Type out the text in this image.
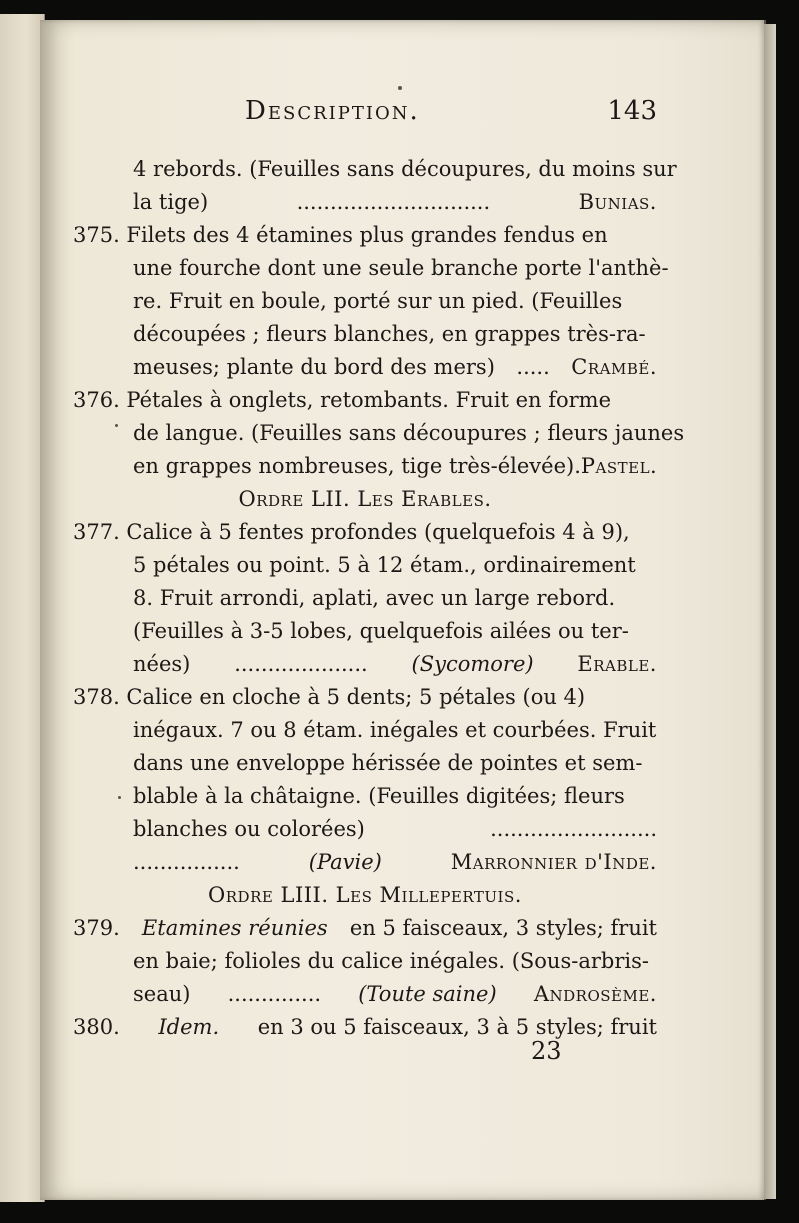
Description.	143
4 rebords. (Feuilles sans découpures, du moins sur
la tige)	.............................	Bunias.
375. Filets des 4 étamines plus grandes fendus en
une fourche dont une seule branche porte l'anthè-
re. Fruit en boule, porté sur un pied. (Feuilles
découpées ; fleurs blanches, en grappes très-ra-
meuses; plante du bord des mers) ..... Crambé.
376. Pétales à onglets, retombants. Fruit en forme
de langue. (Feuilles sans découpures ; fleurs jaunes
en grappes nombreuses, tige très-élevée). Pastel.
Ordre LII. Les Erables.
377. Calice à 5 fentes profondes (quelquefois 4 à 9),
5 pétales ou point. 5 à 12 étam., ordinairement
8. Fruit arrondi, aplati, avec un large rebord.
(Feuilles à 3-5 lobes, quelquefois ailées ou ter-
nées) .................... (Sycomore) Erable.
378. Calice en cloche à 5 dents; 5 pétales (ou 4)
inégaux. 7 ou 8 étam. inégales et courbées. Fruit
dans une enveloppe hérissée de pointes et sem-
blable à la châtaigne. (Feuilles digitées; fleurs
blanches ou colorées)	.........................
................	(Pavie)	Marronnier d'Inde.
Ordre LIII. Les Millepertuis.
379. Etamines réunies en 5 faisceaux, 3 styles; fruit
en baie; folioles du calice inégales. (Sous-arbris-
seau) .............. (Toute saine) Androsème.
380. Idem. en 3 ou 5 faisceaux, 3 à 5 styles; fruit
23
